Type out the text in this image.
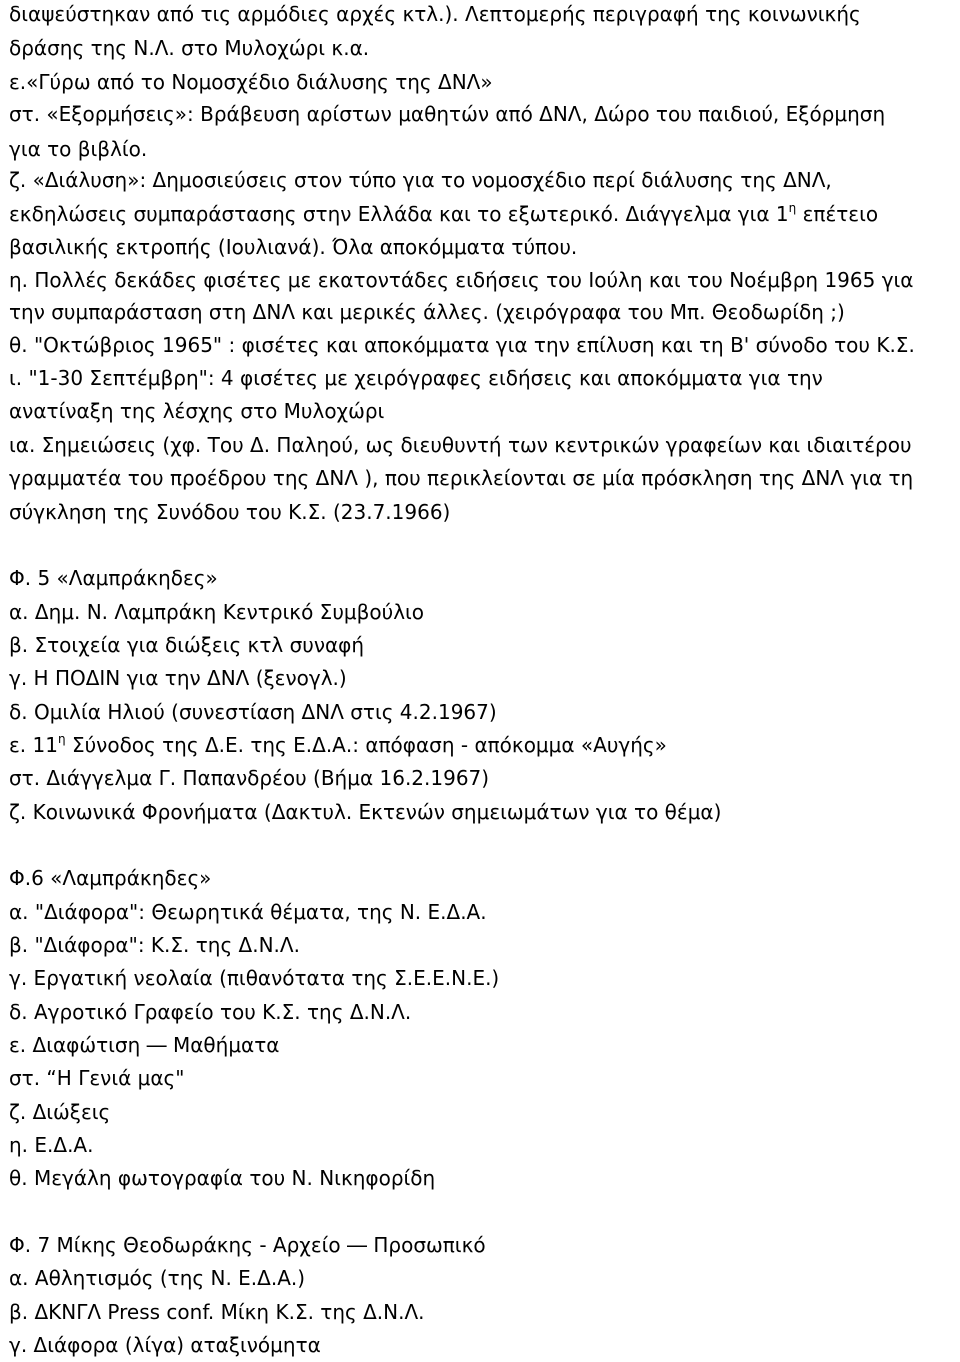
διαψεύστηκαν από τις αρμόδιες αρχές κτλ.). Λεπτομερής περιγραφή της κοινωνικής

δράσης της Ν.Λ. στο Μυλοχώρι κ.α.

ε.«Γύρω από το Νομοσχέδιο διάλυσης της ΔΝΛ»

στ. «Εξορμήσεις»: Βράβευση αρίστων μαθητών από ΔΝΛ, Δώρο του παιδιού, Εξόρμηση

για το βιβλίο.

ζ. «Διάλυση»: Δημοσιεύσεις στον τύπο για το νομοσχέδιο περί διάλυσης της ΔΝΛ,

εκδηλώσεις συμπαράστασης στην Ελλάδα και το εξωτερικό. Διάγγελμα για $1^\eta$ επέτειο

βασιλικής εκτροπής (Ιουλιανά). Όλα αποκόμματα τύπου.

η. Πολλές δεκάδες φισέτες με εκατοντάδες ειδήσεις του Ιούλη και του Νοέμβρη 1965 για

την συμπαράσταση στη ΔΝΛ και μερικές άλλες. (χειρόγραφα του Μπ. Θεοδωρίδη ;)

θ. "Οκτώβριος 1965" : φισέτες και αποκόμματα για την επίλυση και τη Β' σύνοδο του Κ.Σ.

ι. "1-30 Σεπτέμβρη": 4 φισέτες με χειρόγραφες ειδήσεις και αποκόμματα για την

ανατίναξη της λέσχης στο Μυλοχώρι

ια. Σημειώσεις (χφ. Του Δ. Παληού, ως διευθυντή των κεντρικών γραφείων και ιδιαιτέρου

γραμματέα του προέδρου της ΔΝΛ ), που περικλείονται σε μία πρόσκληση της ΔΝΛ για τη

σύγκληση της Συνόδου του Κ.Σ. (23.7.1966)

Φ. 5 «Λαμπράκηδες»

α. Δημ. Ν. Λαμπράκη Κεντρικό Συμβούλιο

β. Στοιχεία για διώξεις κτλ συναφή

γ. Η ΠΟΔΙΝ για την ΔΝΛ (ξενογλ.)

δ. Ομιλία Ηλιού (συνεστίαση ΔΝΛ στις 4.2.1967)

ε. $11^\eta$ Σύνοδος της Δ.Ε. της Ε.Δ.Α.: απόφαση - απόκομμα «Αυγής»

στ. Διάγγελμα Γ. Παπανδρέου (Βήμα 16.2.1967)

ζ. Κοινωνικά Φρονήματα (Δακτυλ. Εκτενών σημειωμάτων για το θέμα)

Φ.6 «Λαμπράκηδες»

α. "Διάφορα": Θεωρητικά θέματα, της Ν. Ε.Δ.Α.

β. "Διάφορα": Κ.Σ. της Δ.Ν.Λ.

γ. Εργατική νεολαία (πιθανότατα της Σ.Ε.Ε.Ν.Ε.)

δ. Αγροτικό Γραφείο του Κ.Σ. της Δ.Ν.Λ.

ε. Διαφώτιση ― Μαθήματα

στ. “Η Γενιά μας"

ζ. Διώξεις

η. Ε.Δ.Α.

θ. Μεγάλη φωτογραφία του Ν. Νικηφορίδη

Φ. 7 Μίκης Θεοδωράκης - Αρχείο ― Προσωπικό

α. Αθλητισμός (της Ν. Ε.Δ.Α.)

β. ΔΚΝΓΛ Press conf. Μίκη Κ.Σ. της Δ.Ν.Λ.

γ. Διάφορα (λίγα) αταξινόμητα
